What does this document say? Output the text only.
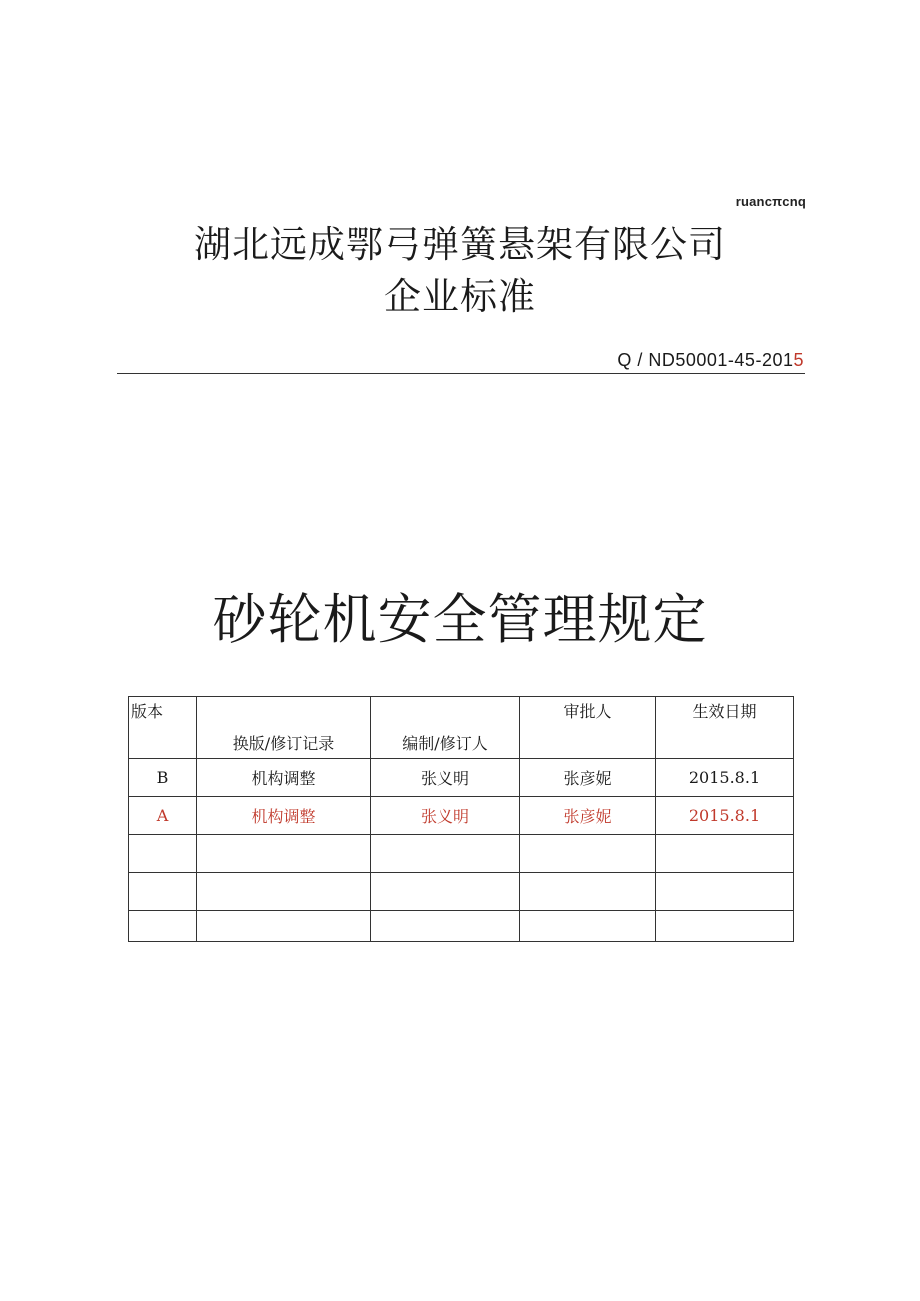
ruancπcnq
湖北远成鄂弓弹簧悬架有限公司
企业标准
Q / ND50001-45-2015
砂轮机安全管理规定
版本	换版/修订记录	编制/修订人	审批人	生效日期

B	机构调整	张义明	张彦妮	2015.8.1
A	机构调整	张义明	张彦妮	2015.8.1
